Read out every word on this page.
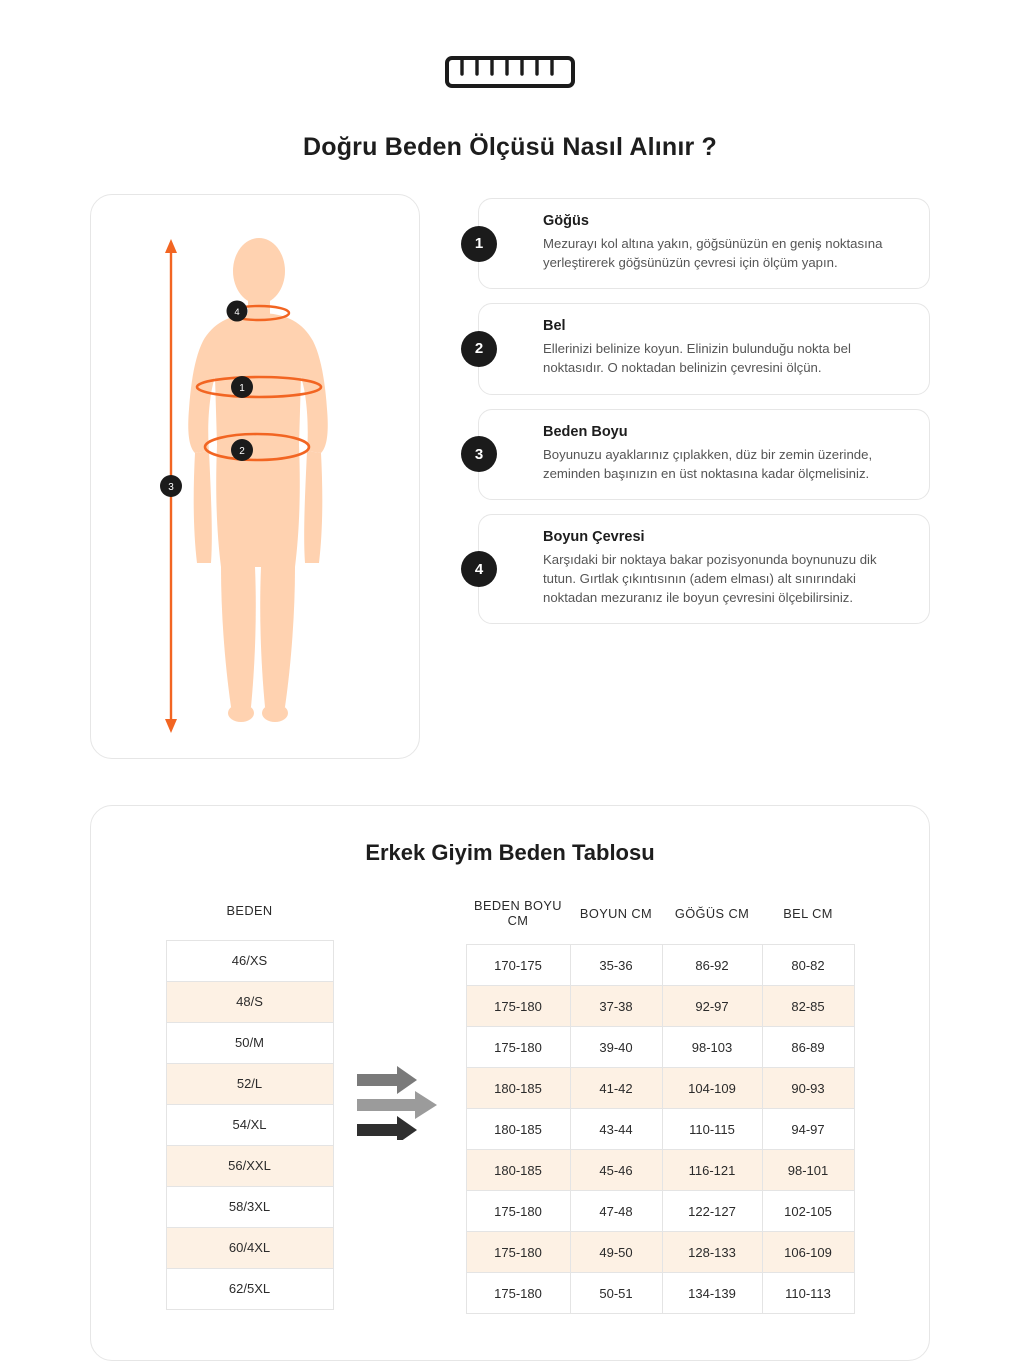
Doğru Beden Ölçüsü Nasıl Alınır ?
3
4
1
2
1
Göğüs
Mezurayı kol altına yakın, göğsünüzün en geniş noktasına yerleştirerek göğsünüzün çevresi için ölçüm yapın.
2
Bel
Ellerinizi belinize koyun. Elinizin bulunduğu nokta bel noktasıdır. O noktadan belinizin çevresini ölçün.
3
Beden Boyu
Boyunuzu ayaklarınız çıplakken, düz bir zemin üzerinde, zeminden başınızın en üst noktasına kadar ölçmelisiniz.
4
Boyun Çevresi
Karşıdaki bir noktaya bakar pozisyonunda boynunuzu dik tutun. Gırtlak çıkıntısının (adem elması) alt sınırındaki noktadan mezuranız ile boyun çevresini ölçebilirsiniz.
Erkek Giyim Beden Tablosu
BEDEN
46/XS
48/S
50/M
52/L
54/XL
56/XXL
58/3XL
60/4XL
62/5XL
BEDEN BOYU CM	BOYUN CM	GÖĞÜS CM	BEL CM
170-175	35-36	86-92	80-82
175-180	37-38	92-97	82-85
175-180	39-40	98-103	86-89
180-185	41-42	104-109	90-93
180-185	43-44	110-115	94-97
180-185	45-46	116-121	98-101
175-180	47-48	122-127	102-105
175-180	49-50	128-133	106-109
175-180	50-51	134-139	110-113
